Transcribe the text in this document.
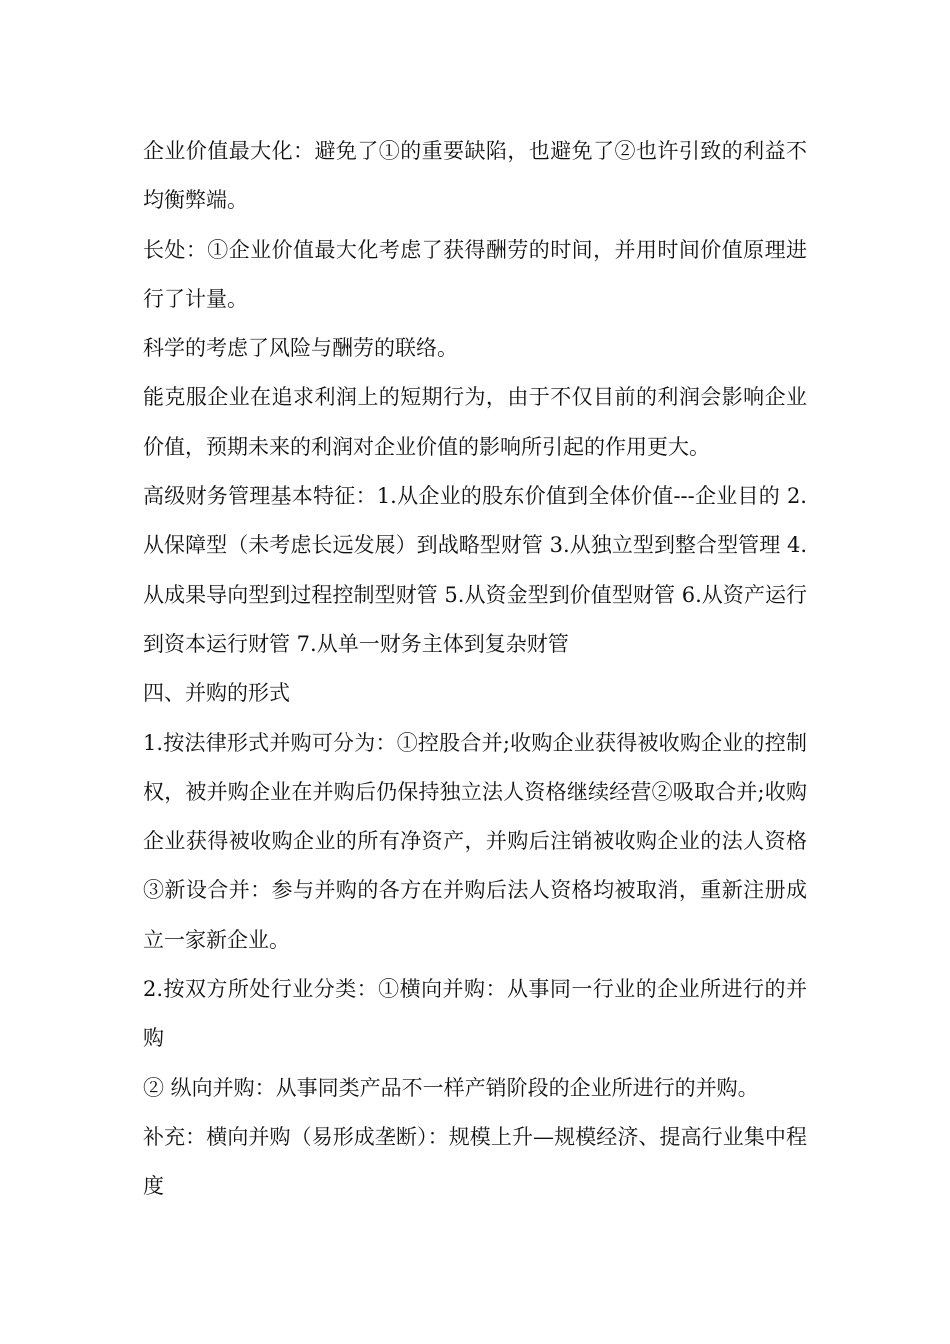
企业价值最大化：避免了①的重要缺陷，也避免了②也许引致的利益不均衡弊端。

长处：①企业价值最大化考虑了获得酬劳的时间，并用时间价值原理进行了计量。

科学的考虑了风险与酬劳的联络。

能克服企业在追求利润上的短期行为，由于不仅目前的利润会影响企业价值，预期未来的利润对企业价值的影响所引起的作用更大。

高级财务管理基本特征：1.从企业的股东价值到全体价值---企业目的 2.从保障型（未考虑长远发展）到战略型财管 3.从独立型到整合型管理 4.从成果导向型到过程控制型财管 5.从资金型到价值型财管 6.从资产运行到资本运行财管 7.从单一财务主体到复杂财管

四、并购的形式

1.按法律形式并购可分为：①控股合并;收购企业获得被收购企业的控制权，被并购企业在并购后仍保持独立法人资格继续经营②吸取合并;收购企业获得被收购企业的所有净资产，并购后注销被收购企业的法人资格③新设合并：参与并购的各方在并购后法人资格均被取消，重新注册成立一家新企业。

2.按双方所处行业分类：①横向并购：从事同一行业的企业所进行的并购

② 纵向并购：从事同类产品不一样产销阶段的企业所进行的并购。

补充：横向并购（易形成垄断）：规模上升—规模经济、提高行业集中程度
